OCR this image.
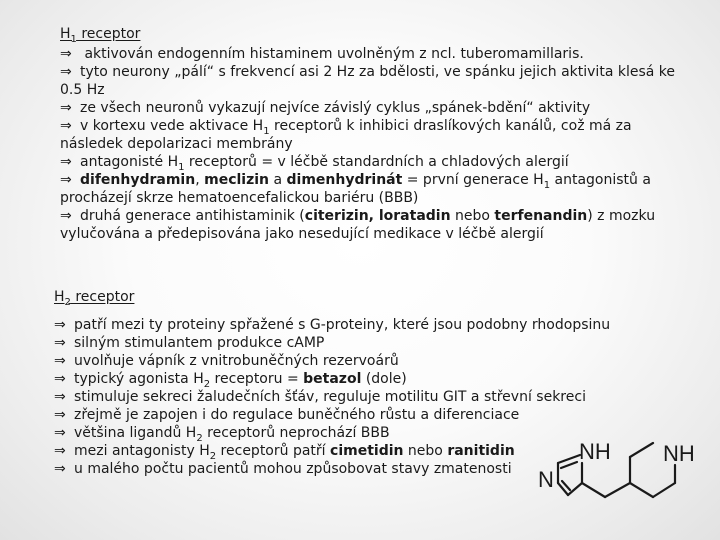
$H_1$ receptor
⇒ aktivován endogenním histaminem uvolněným z ncl. tuberomamillaris.
⇒ tyto neurony „pálí“ s frekvencí asi 2 Hz za bdělosti, ve spánku jejich aktivita klesá ke 0.5 Hz
⇒ ze všech neuronů vykazují nejvíce závislý cyklus „spánek-bdění“ aktivity
⇒ v kortexu vede aktivace $H_1$ receptorů k inhibici draslíkových kanálů, což má za následek depolarizaci membrány
⇒ antagonisté $H_1$ receptorů = v léčbě standardních a chladových alergií
⇒ difenhydramin, meclizin a dimenhydrinát = první generace $H_1$ antagonistů a procházejí skrze hematoencefalickou bariéru (BBB)
⇒ druhá generace antihistaminik (citerizin, loratadin nebo terfenandin) z mozku vylučována a předepisována jako nesedující medikace v léčbě alergií
$H_2$ receptor
⇒ patří mezi ty proteiny spřažené s G-proteiny, které jsou podobny rhodopsinu
⇒ silným stimulantem produkce cAMP
⇒ uvolňuje vápník z vnitrobuněčných rezervoárů
⇒ typický agonista $H_2$ receptoru = betazol (dole)
⇒ stimuluje sekreci žaludečních šťáv, reguluje motilitu GIT a střevní sekreci
⇒ zřejmě je zapojen i do regulace buněčného růstu a diferenciace
⇒ většina ligandů $H_2$ receptorů neprochází BBB
⇒ mezi antagonisty $H_2$ receptorů patří cimetidin nebo ranitidin
⇒ u malého počtu pacientů mohou způsobovat stavy zmatenosti	N
NH NH
